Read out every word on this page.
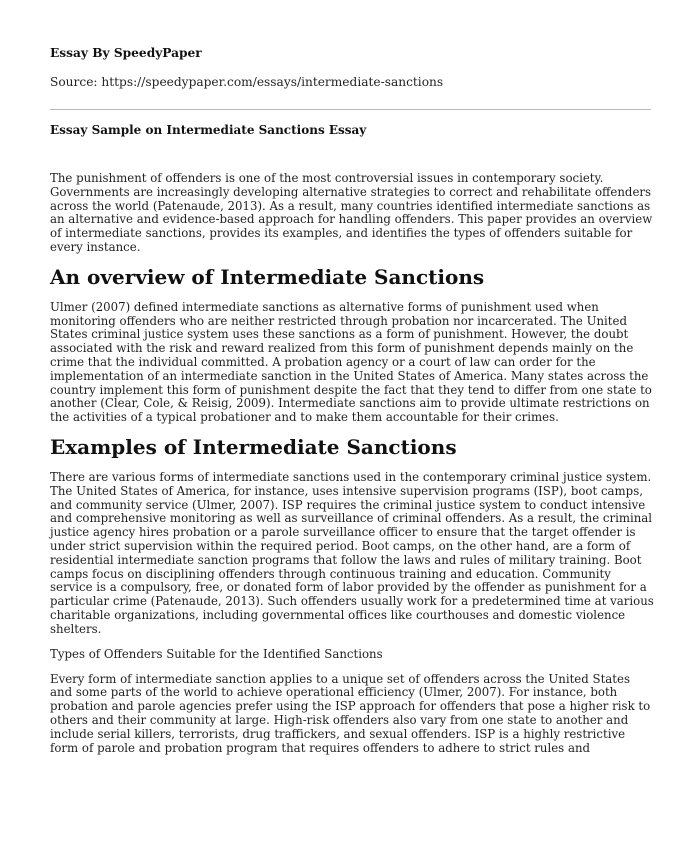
Essay By SpeedyPaper
Source: https://speedypaper.com/essays/intermediate-sanctions
Essay Sample on Intermediate Sanctions Essay

The punishment of offenders is one of the most controversial issues in contemporary society. Governments are increasingly developing alternative strategies to correct and rehabilitate offenders across the world (Patenaude, 2013). As a result, many countries identified intermediate sanctions as an alternative and evidence-based approach for handling offenders. This paper provides an overview of intermediate sanctions, provides its examples, and identifies the types of offenders suitable for every instance.

An overview of Intermediate Sanctions

Ulmer (2007) defined intermediate sanctions as alternative forms of punishment used when monitoring offenders who are neither restricted through probation nor incarcerated. The United States criminal justice system uses these sanctions as a form of punishment. However, the doubt associated with the risk and reward realized from this form of punishment depends mainly on the crime that the individual committed. A probation agency or a court of law can order for the implementation of an intermediate sanction in the United States of America. Many states across the country implement this form of punishment despite the fact that they tend to differ from one state to another (Clear, Cole, & Reisig, 2009). Intermediate sanctions aim to provide ultimate restrictions on the activities of a typical probationer and to make them accountable for their crimes.

Examples of Intermediate Sanctions

There are various forms of intermediate sanctions used in the contemporary criminal justice system. The United States of America, for instance, uses intensive supervision programs (ISP), boot camps, and community service (Ulmer, 2007). ISP requires the criminal justice system to conduct intensive and comprehensive monitoring as well as surveillance of criminal offenders. As a result, the criminal justice agency hires probation or a parole surveillance officer to ensure that the target offender is under strict supervision within the required period. Boot camps, on the other hand, are a form of residential intermediate sanction programs that follow the laws and rules of military training. Boot camps focus on disciplining offenders through continuous training and education. Community service is a compulsory, free, or donated form of labor provided by the offender as punishment for a particular crime (Patenaude, 2013). Such offenders usually work for a predetermined time at various charitable organizations, including governmental offices like courthouses and domestic violence shelters.

Types of Offenders Suitable for the Identified Sanctions

Every form of intermediate sanction applies to a unique set of offenders across the United States and some parts of the world to achieve operational efficiency (Ulmer, 2007). For instance, both probation and parole agencies prefer using the ISP approach for offenders that pose a higher risk to others and their community at large. High-risk offenders also vary from one state to another and include serial killers, terrorists, drug traffickers, and sexual offenders. ISP is a highly restrictive form of parole and probation program that requires offenders to adhere to strict rules and
